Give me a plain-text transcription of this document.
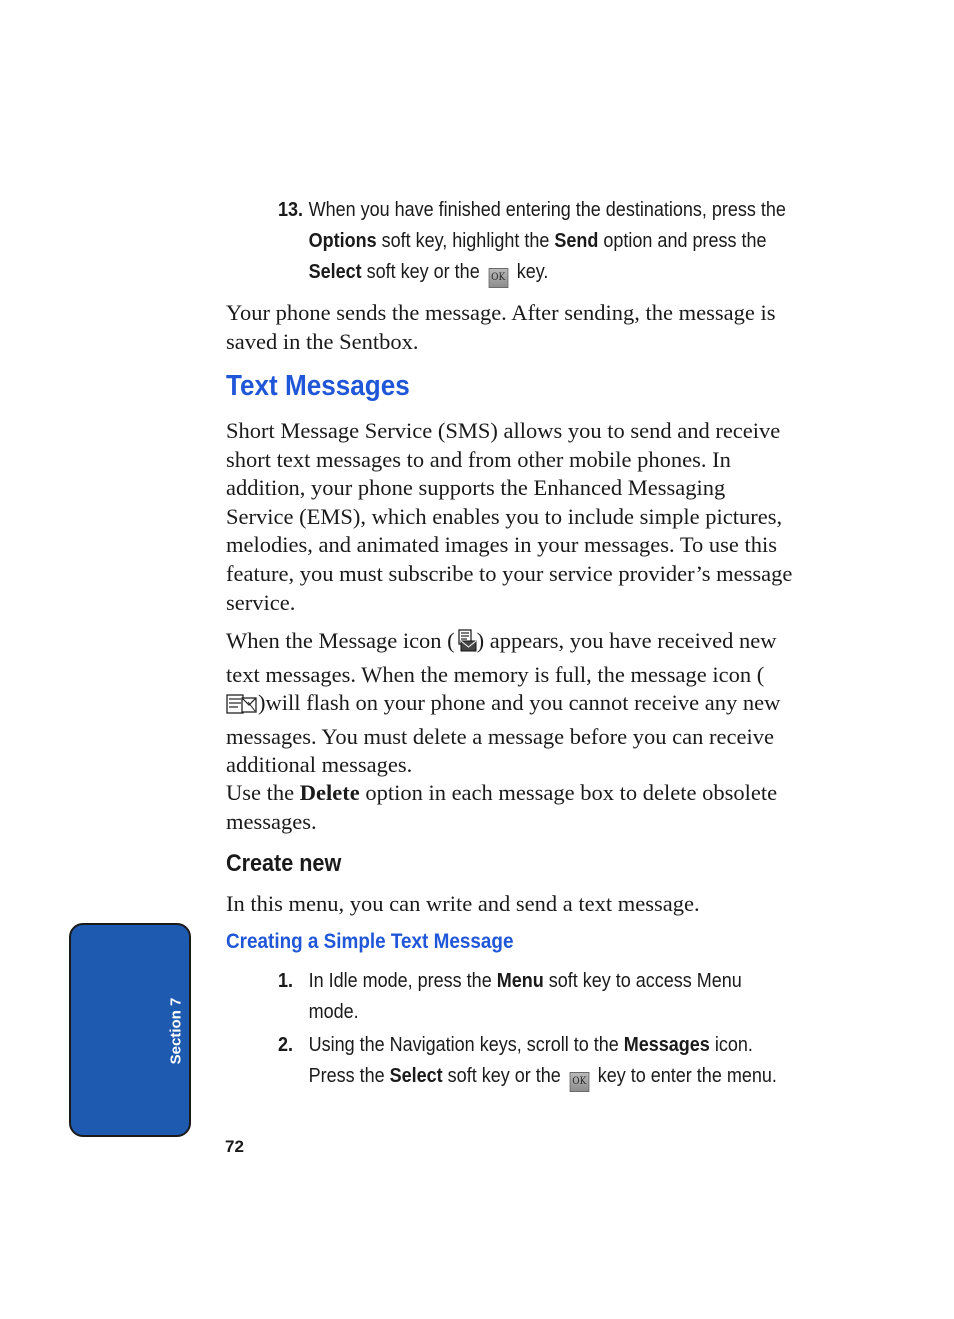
13. When you have finished entering the destinations, press the Options soft key, highlight the Send option and press the Select soft key or the OK key.
Your phone sends the message. After sending, the message is saved in the Sentbox.
Text Messages
Short Message Service (SMS) allows you to send and receive short text messages to and from other mobile phones. In addition, your phone supports the Enhanced Messaging Service (EMS), which enables you to include simple pictures, melodies, and animated images in your messages. To use this feature, you must subscribe to your service provider’s message service.
When the Message icon ( ) appears, you have received new text messages. When the memory is full, the message icon ()will flash on your phone and you cannot receive any new messages. You must delete a message before you can receive additional messages.
Use the Delete option in each message box to delete obsolete messages.
Create new
In this menu, you can write and send a text message.
Creating a Simple Text Message
1. In Idle mode, press the Menu soft key to access Menu mode.
2. Using the Navigation keys, scroll to the Messages icon. Press the Select soft key or the OK key to enter the menu.
Section 7
72
